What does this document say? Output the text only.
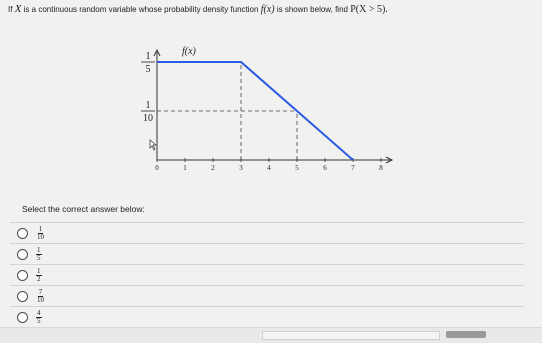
If X is a continuous random variable whose probability density function f(x) is shown below, find P(X > 5).
0	1	2	3	4	5	6	7	8
1
5
1
10
f(x)
Select the correct answer below:
$\frac{1}{10}$
$\frac{1}{5}$
$\frac{1}{2}$
$\frac{7}{10}$
$\frac{4}{5}$
